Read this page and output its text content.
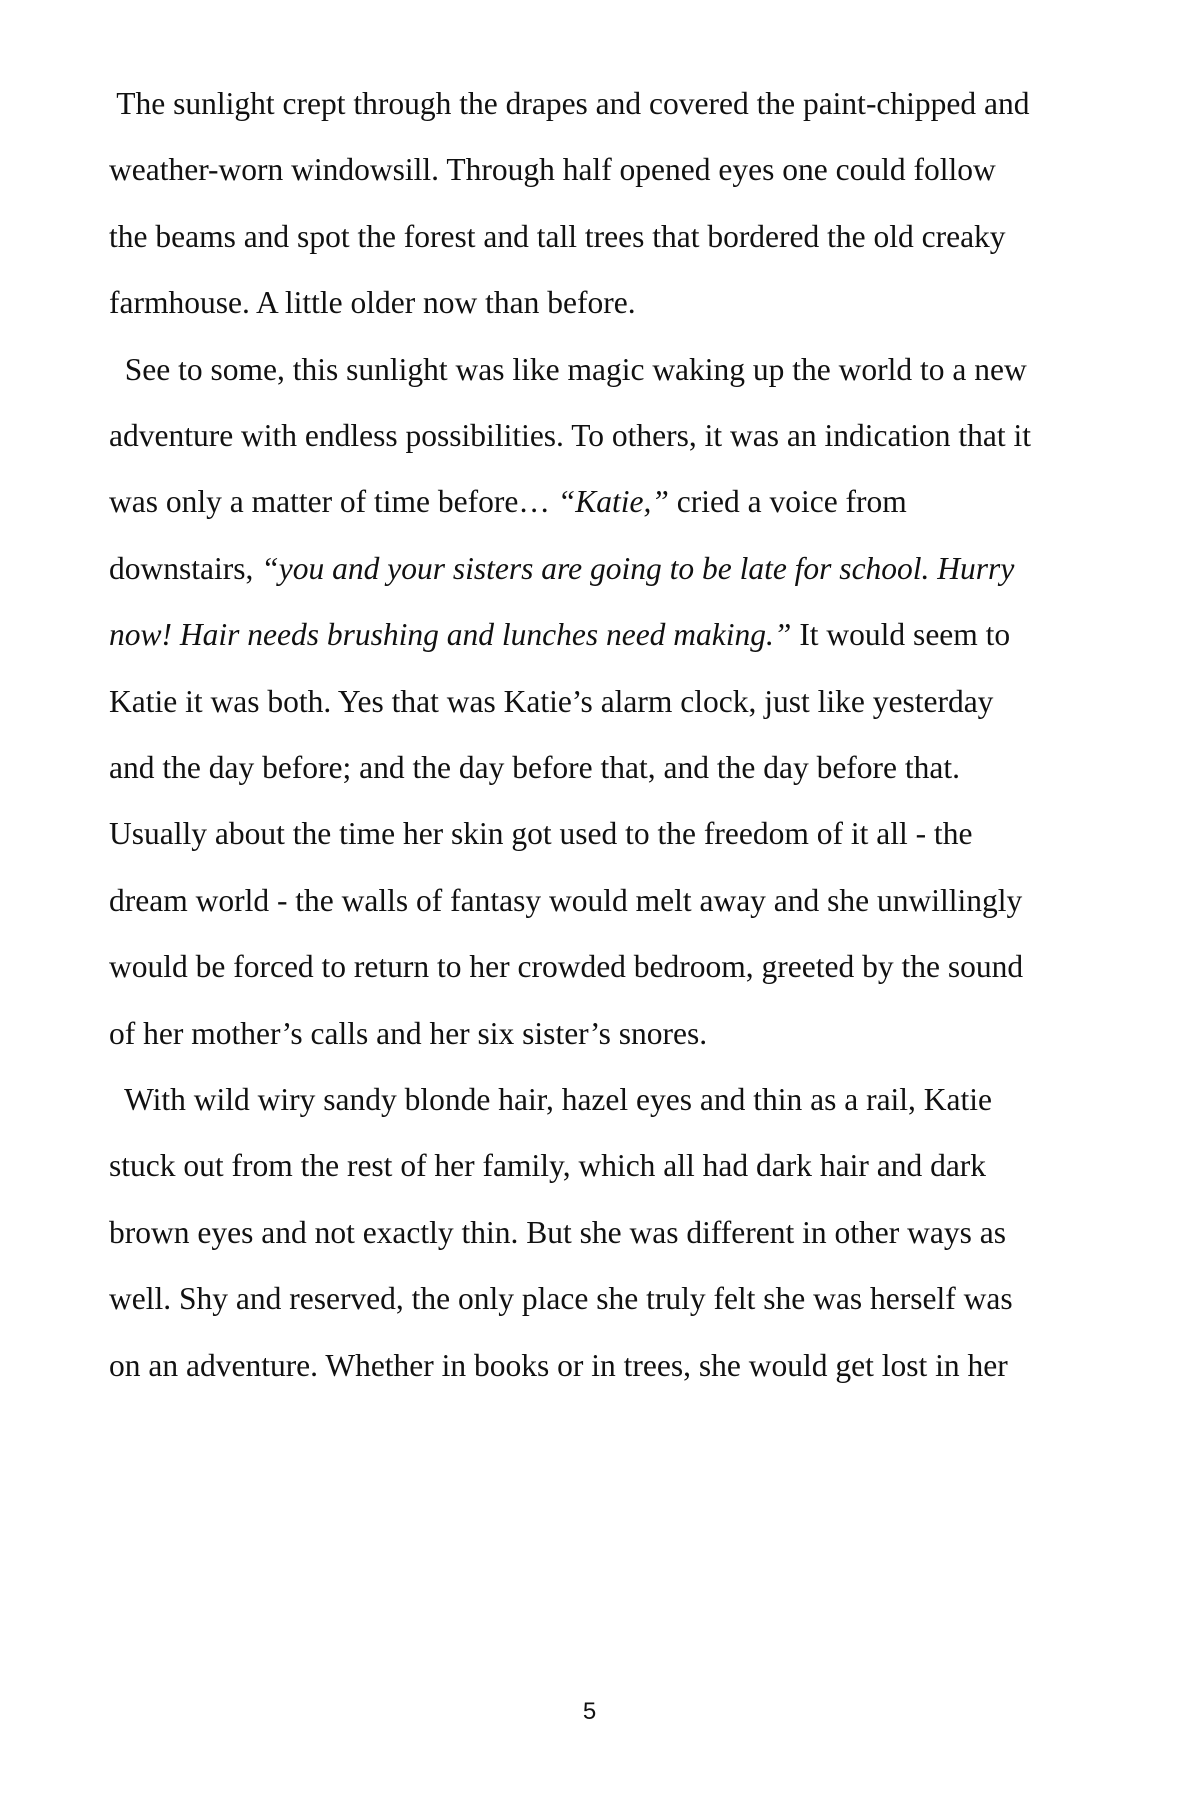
The sunlight crept through the drapes and covered the paint-chipped and

weather-worn windowsill. Through half opened eyes one could follow

the beams and spot the forest and tall trees that bordered the old creaky

farmhouse. A little older now than before.

See to some, this sunlight was like magic waking up the world to a new

adventure with endless possibilities. To others, it was an indication that it

was only a matter of time before… “Katie,” cried a voice from

downstairs, “you and your sisters are going to be late for school. Hurry

now! Hair needs brushing and lunches need making.” It would seem to

Katie it was both. Yes that was Katie’s alarm clock, just like yesterday

and the day before; and the day before that, and the day before that.

Usually about the time her skin got used to the freedom of it all - the

dream world - the walls of fantasy would melt away and she unwillingly

would be forced to return to her crowded bedroom, greeted by the sound

of her mother’s calls and her six sister’s snores.

With wild wiry sandy blonde hair, hazel eyes and thin as a rail, Katie

stuck out from the rest of her family, which all had dark hair and dark

brown eyes and not exactly thin. But she was different in other ways as

well. Shy and reserved, the only place she truly felt she was herself was

on an adventure. Whether in books or in trees, she would get lost in her

5
